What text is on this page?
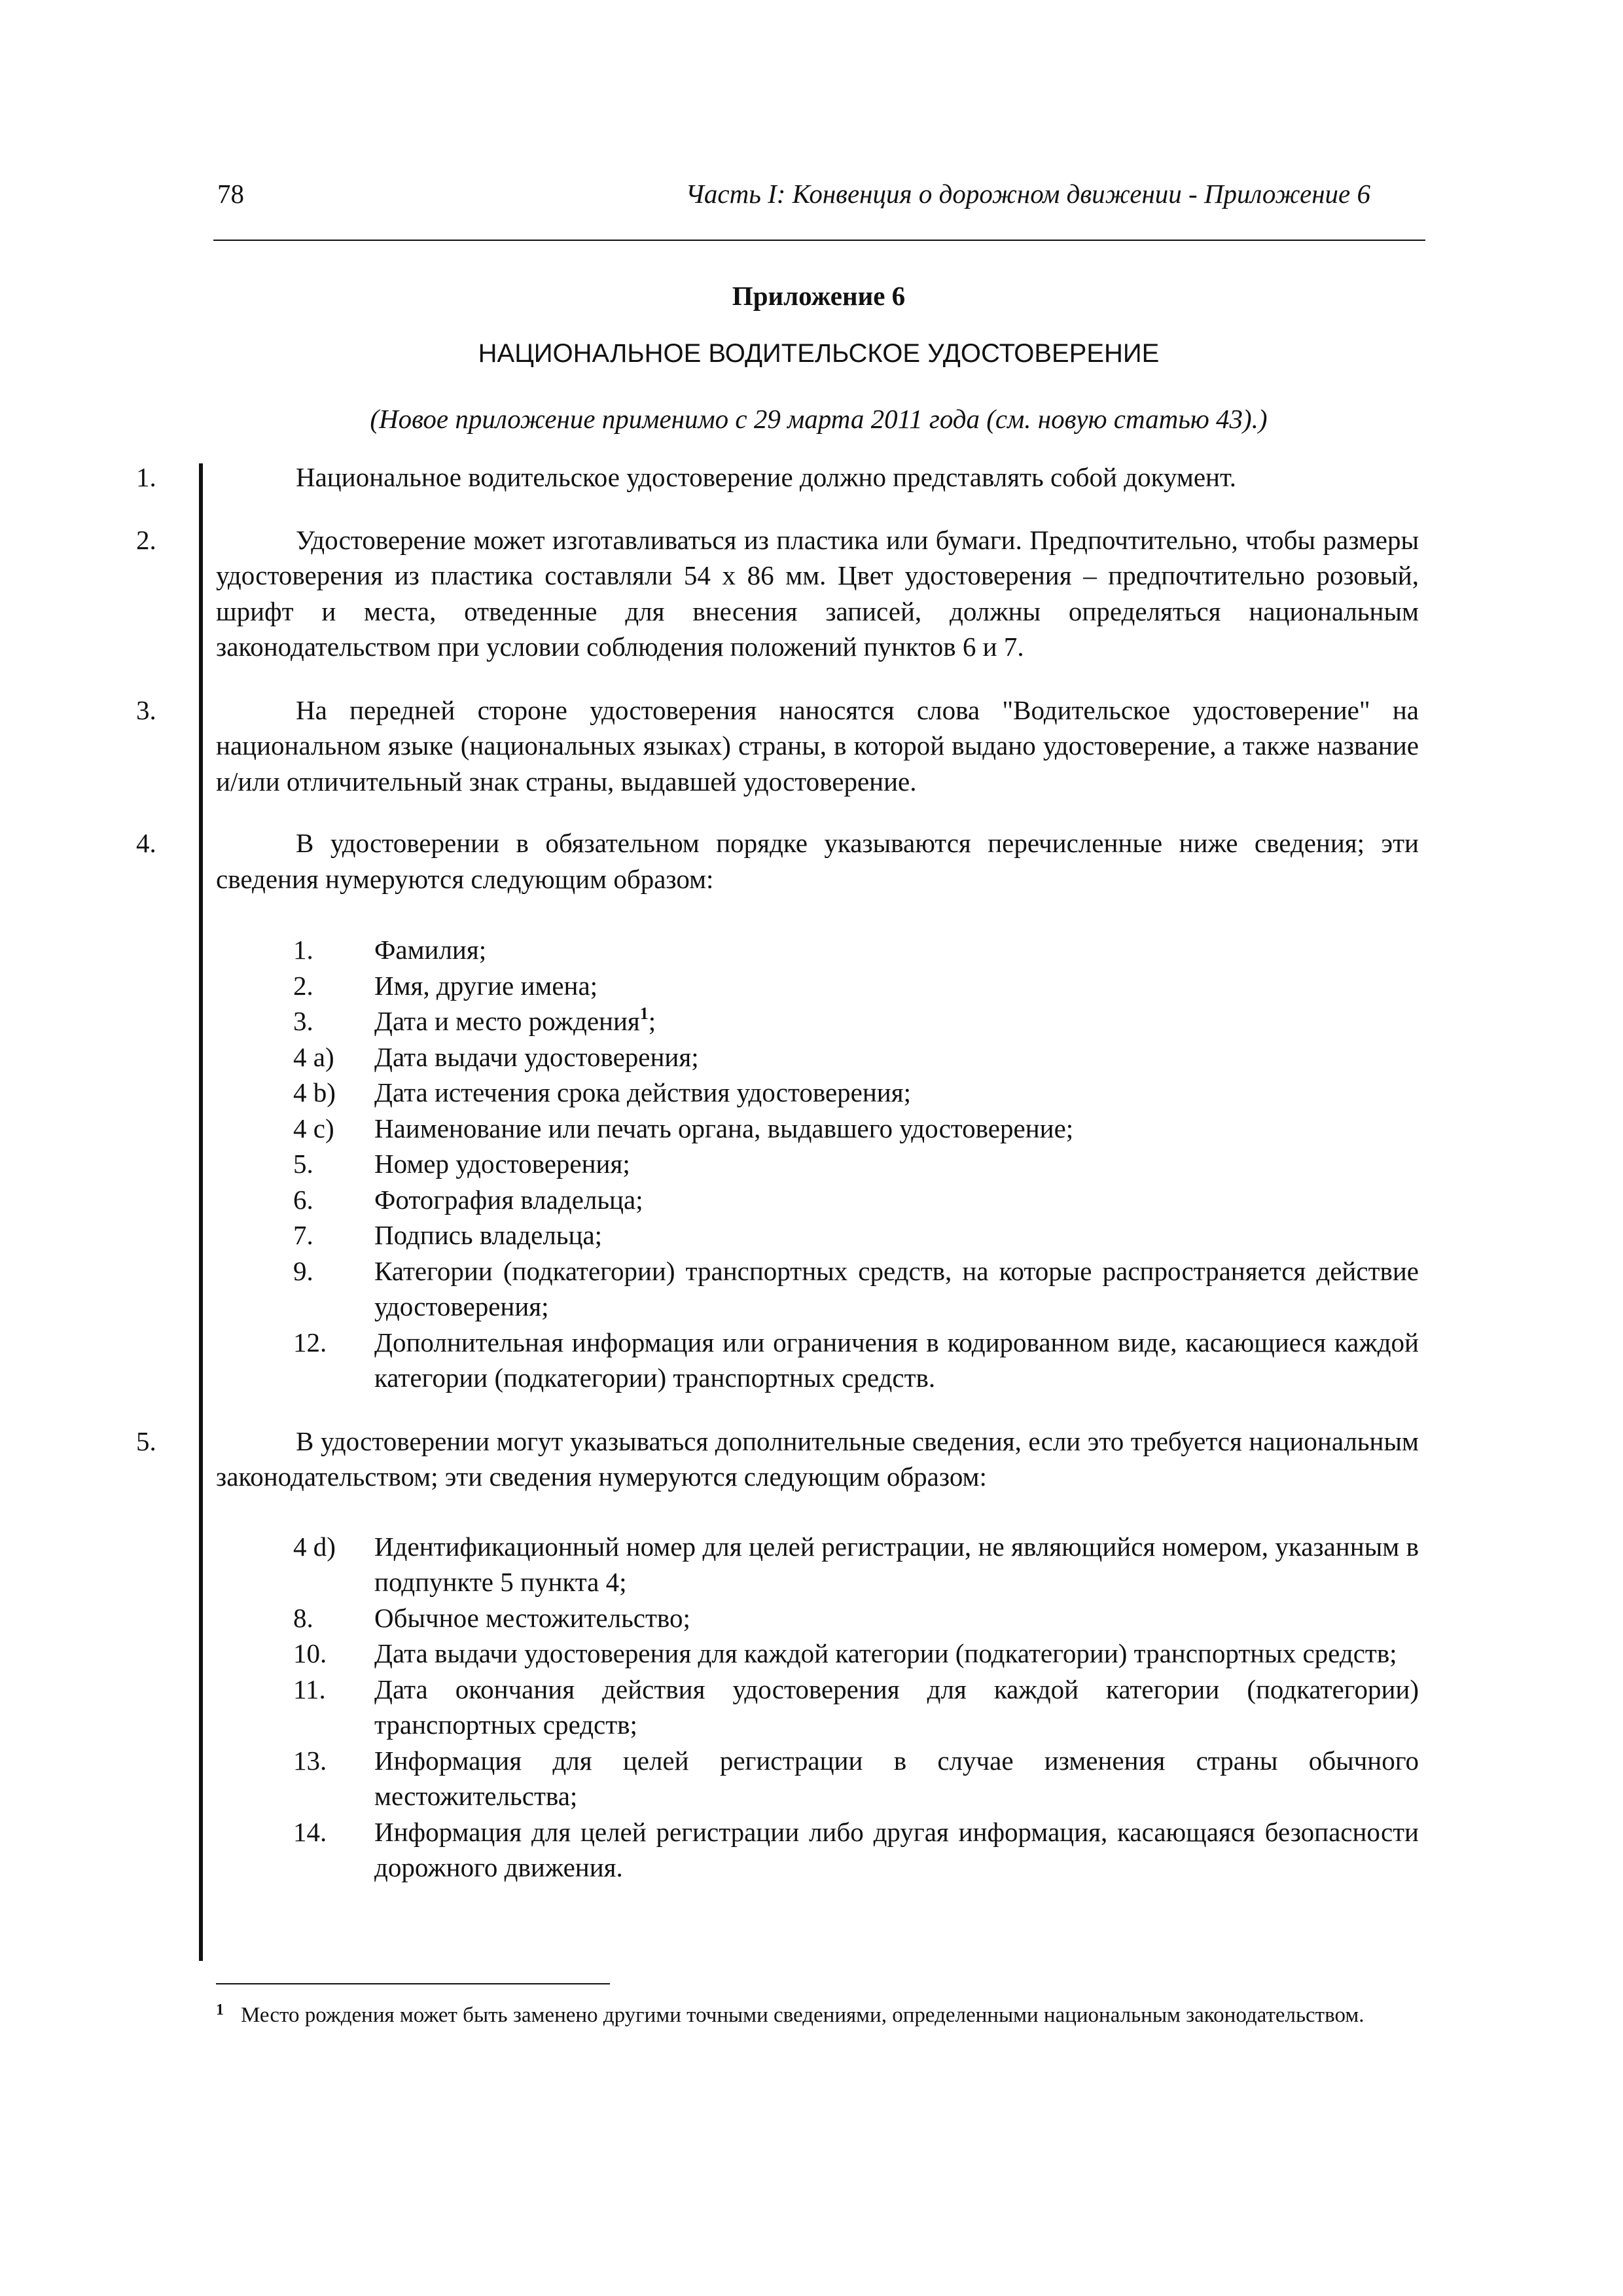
78	Часть I: Конвенция о дорожном движении - Приложение 6
Приложение 6
НАЦИОНАЛЬНОЕ ВОДИТЕЛЬСКОЕ УДОСТОВЕРЕНИЕ
(Новое приложение применимо с 29 марта 2011 года (см. новую статью 43).)

1.	Национальное водительское удостоверение должно представлять собой документ.

2.	Удостоверение может изготавливаться из пластика или бумаги. Предпочтительно, чтобы размеры удостоверения из пластика составляли 54 х 86 мм. Цвет удостоверения – предпочтительно розовый, шрифт и места, отведенные для внесения записей, должны определяться национальным законодательством при условии соблюдения положений пунктов 6 и 7.

3.	На передней стороне удостоверения наносятся слова "Водительское удостоверение" на национальном языке (национальных языках) страны, в которой выдано удостоверение, а также название и/или отличительный знак страны, выдавшей удостоверение.

4.	В удостоверении в обязательном порядке указываются перечисленные ниже сведения; эти сведения нумеруются следующим образом:

1. Фамилия;
2. Имя, другие имена;
3. Дата и место рождения$^1$;
4 a) Дата выдачи удостоверения;
4 b) Дата истечения срока действия удостоверения;
4 c) Наименование или печать органа, выдавшего удостоверение;
5. Номер удостоверения;
6. Фотография владельца;
7. Подпись владельца;
9. Категории (подкатегории) транспортных средств, на которые распространяется действие удостоверения;
12. Дополнительная информация или ограничения в кодированном виде, касающиеся каждой категории (подкатегории) транспортных средств.

5.	В удостоверении могут указываться дополнительные сведения, если это требуется национальным законодательством; эти сведения нумеруются следующим образом:

4 d) Идентификационный номер для целей регистрации, не являющийся номером, указанным в подпункте 5 пункта 4;
8. Обычное местожительство;
10. Дата выдачи удостоверения для каждой категории (подкатегории) транспортных средств;
11. Дата окончания действия удостоверения для каждой категории (подкатегории) транспортных средств;
13. Информация для целей регистрации в случае изменения страны обычного местожительства;
14. Информация для целей регистрации либо другая информация, касающаяся безопасности дорожного движения.
$^1$ Место рождения может быть заменено другими точными сведениями, определенными национальным законодательством.
